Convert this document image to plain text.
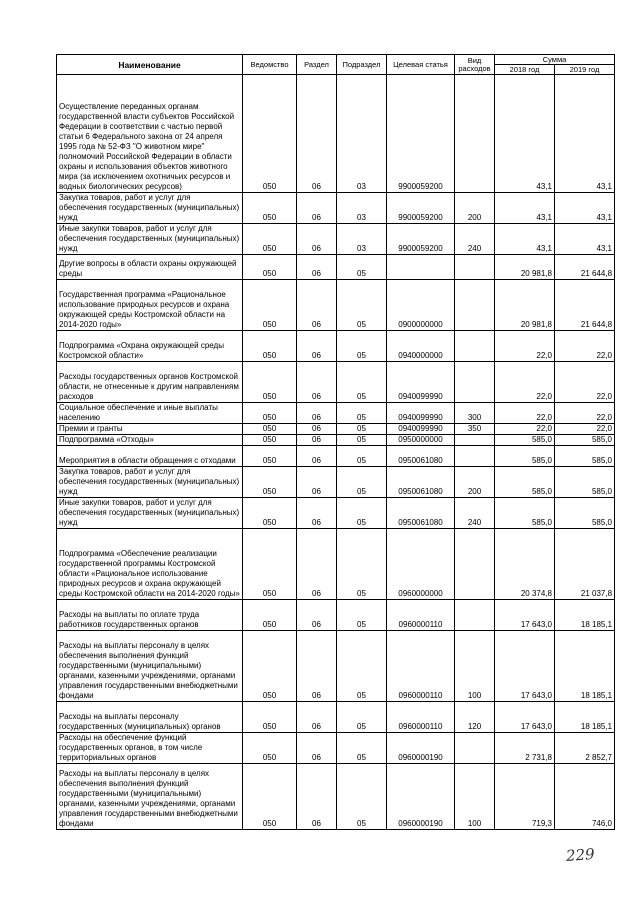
Наименование	Ведомство	Раздел	Подраздел	Целевая статья	Вид расходов	Сумма	
						2018 год	2019 год
Осуществление переданных органам государственной власти субъектов Российской Федерации в соответствии с частью первой статьи 6 Федерального закона от 24 апреля 1995 года № 52-ФЗ "О животном мире" полномочий Российской Федерации в области охраны и использования объектов животного мира (за исключением охотничьих ресурсов и водных биологических ресурсов)	050	06	03	9900059200		43,1	43,1
Закупка товаров, работ и услуг для обеспечения государственных (муниципальных) нужд	050	06	03	9900059200	200	43,1	43,1
Иные закупки товаров, работ и услуг для обеспечения государственных (муниципальных) нужд	050	06	03	9900059200	240	43,1	43,1
Другие вопросы в области охраны окружающей среды	050	06	05			20 981,8	21 644,8
Государственная программа «Рациональное использование природных ресурсов и охрана окружающей среды Костромской области на 2014-2020 годы»	050	06	05	0900000000		20 981,8	21 644,8
Подпрограмма «Охрана окружающей среды Костромской области»	050	06	05	0940000000		22,0	22,0
Расходы государственных органов Костромской области, не отнесенные к другим направлениям расходов	050	06	05	0940099990		22,0	22,0
Социальное обеспечение и иные выплаты населению	050	06	05	0940099990	300	22,0	22,0
Премии и гранты	050	06	05	0940099990	350	22,0	22,0
Подпрограмма «Отходы»	050	06	05	0950000000		585,0	585,0
Мероприятия в области обращения с отходами	050	06	05	0950061080		585,0	585,0
Закупка товаров, работ и услуг для обеспечения государственных (муниципальных) нужд	050	06	05	0950061080	200	585,0	585,0
Иные закупки товаров, работ и услуг для обеспечения государственных (муниципальных) нужд	050	06	05	0950061080	240	585,0	585,0
Подпрограмма «Обеспечение реализации государственной программы Костромской области «Рациональное использование природных ресурсов и охрана окружающей среды Костромской области на 2014-2020 годы»	050	06	05	0960000000		20 374,8	21 037,8
Расходы на выплаты по оплате труда работников государственных органов	050	06	05	0960000110		17 643,0	18 185,1
Расходы на выплаты персоналу в целях обеспечения выполнения функций государственными (муниципальными) органами, казенными учреждениями, органами управления государственными внебюджетными фондами	050	06	05	0960000110	100	17 643,0	18 185,1
Расходы на выплаты персоналу государственных (муниципальных) органов	050	06	05	0960000110	120	17 643,0	18 185,1
Расходы на обеспечение функций государственных органов, в том числе территориальных органов	050	06	05	0960000190		2 731,8	2 852,7
Расходы на выплаты персоналу в целях обеспечения выполнения функций государственными (муниципальными) органами, казенными учреждениями, органами управления государственными внебюджетными фондами	050	06	05	0960000190	100	719,3	746,0
229
